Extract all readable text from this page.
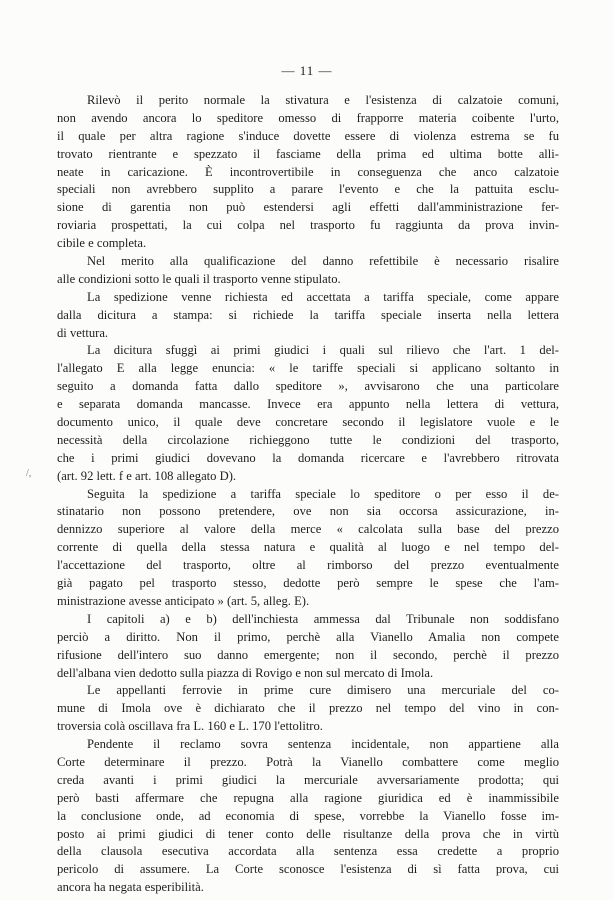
— 11 —
/,
Rilevò il perito normale la stivatura e l'esistenza di calzatoie comuni,
non avendo ancora lo speditore omesso di frapporre materia coibente l'urto,
il quale per altra ragione s'induce dovette essere di violenza estrema se fu
trovato rientrante e spezzato il fasciame della prima ed ultima botte alli-
neate in caricazione. È incontrovertibile in conseguenza che anco calzatoie
speciali non avrebbero supplito a parare l'evento e che la pattuita esclu-
sione di garentia non può estendersi agli effetti dall'amministrazione fer-
roviaria prospettati, la cui colpa nel trasporto fu raggiunta da prova invin-
cibile e completa.
Nel merito alla qualificazione del danno refettibile è necessario risalire
alle condizioni sotto le quali il trasporto venne stipulato.
La spedizione venne richiesta ed accettata a tariffa speciale, come appare
dalla dicitura a stampa: si richiede la tariffa speciale inserta nella lettera
di vettura.
La dicitura sfuggì ai primi giudici i quali sul rilievo che l'art. 1 del-
l'allegato E alla legge enuncia: « le tariffe speciali si applicano soltanto in
seguito a domanda fatta dallo speditore », avvisarono che una particolare
e separata domanda mancasse. Invece era appunto nella lettera di vettura,
documento unico, il quale deve concretare secondo il legislatore vuole e le
necessità della circolazione richieggono tutte le condizioni del trasporto,
che i primi giudici dovevano la domanda ricercare e l'avrebbero ritrovata
(art. 92 lett. f e art. 108 allegato D).
Seguita la spedizione a tariffa speciale lo speditore o per esso il de-
stinatario non possono pretendere, ove non sia occorsa assicurazione, in-
dennizzo superiore al valore della merce « calcolata sulla base del prezzo
corrente di quella della stessa natura e qualità al luogo e nel tempo del-
l'accettazione del trasporto, oltre al rimborso del prezzo eventualmente
già pagato pel trasporto stesso, dedotte però sempre le spese che l'am-
ministrazione avesse anticipato » (art. 5, alleg. E).
I capitoli a) e b) dell'inchiesta ammessa dal Tribunale non soddisfano
perciò a diritto. Non il primo, perchè alla Vianello Amalia non compete
rifusione dell'intero suo danno emergente; non il secondo, perchè il prezzo
dell'albana vien dedotto sulla piazza di Rovigo e non sul mercato di Imola.
Le appellanti ferrovie in prime cure dimisero una mercuriale del co-
mune di Imola ove è dichiarato che il prezzo nel tempo del vino in con-
troversia colà oscillava fra L. 160 e L. 170 l'ettolitro.
Pendente il reclamo sovra sentenza incidentale, non appartiene alla
Corte determinare il prezzo. Potrà la Vianello combattere come meglio
creda avanti i primi giudici la mercuriale avversariamente prodotta; qui
però basti affermare che repugna alla ragione giuridica ed è inammissibile
la conclusione onde, ad economia di spese, vorrebbe la Vianello fosse im-
posto ai primi giudici di tener conto delle risultanze della prova che in virtù
della clausola esecutiva accordata alla sentenza essa credette a proprio
pericolo di assumere. La Corte sconosce l'esistenza di sì fatta prova, cui
ancora ha negata esperibilità.
